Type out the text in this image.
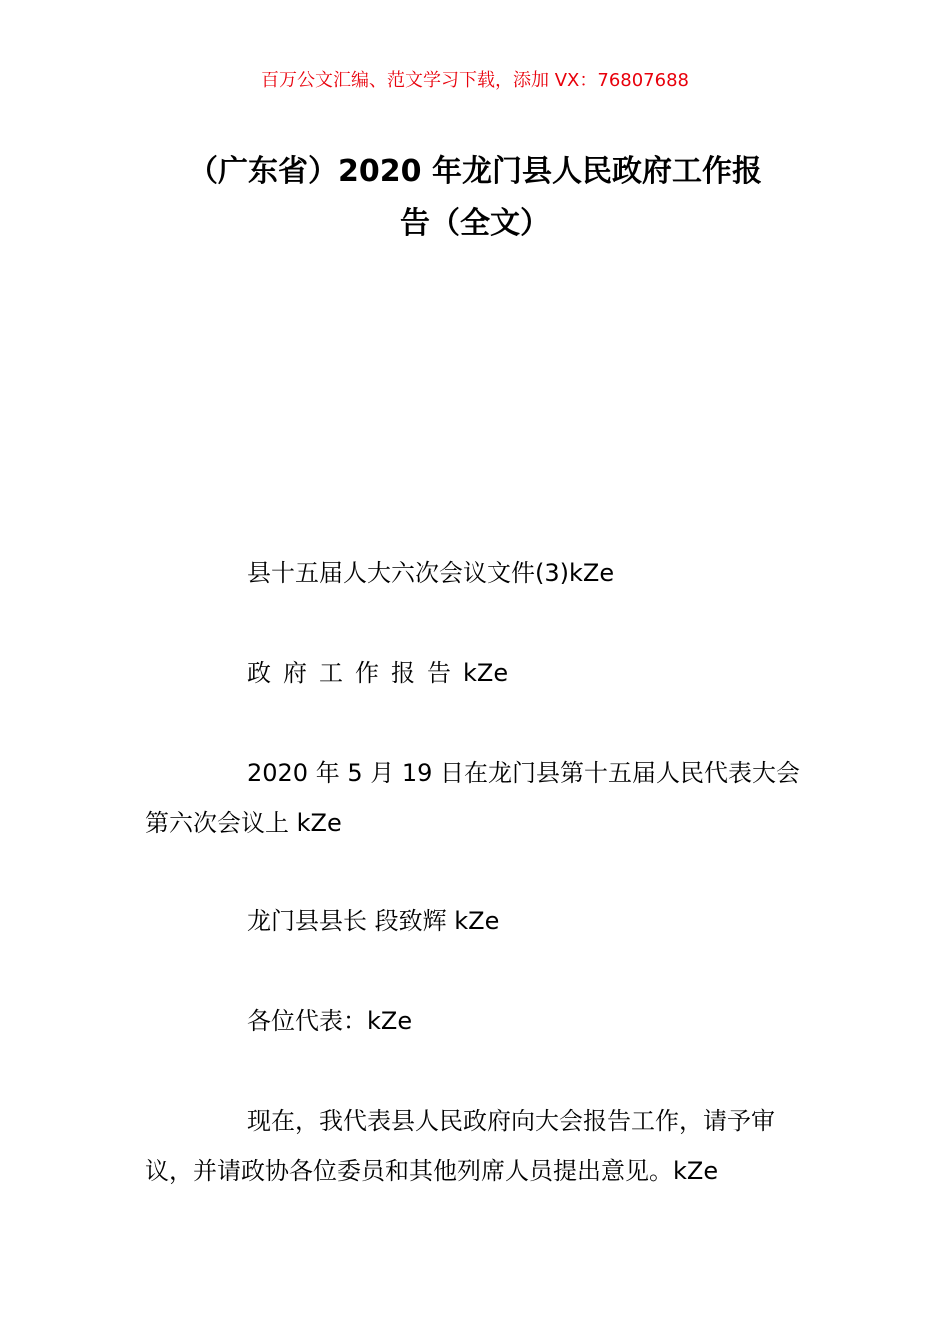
百万公文汇编、范文学习下载，添加 VX：76807688
（广东省）2020 年龙门县人民政府工作报
告（全文）

县十五届人大六次会议文件(3)kZe

政府工作报告kZe

2020 年 5 月 19 日在龙门县第十五届人民代表大会第六次会议上 kZe

龙门县县长 段致辉 kZe

各位代表：kZe

现在，我代表县人民政府向大会报告工作，请予审议，并请政协各位委员和其他列席人员提出意见。kZe
